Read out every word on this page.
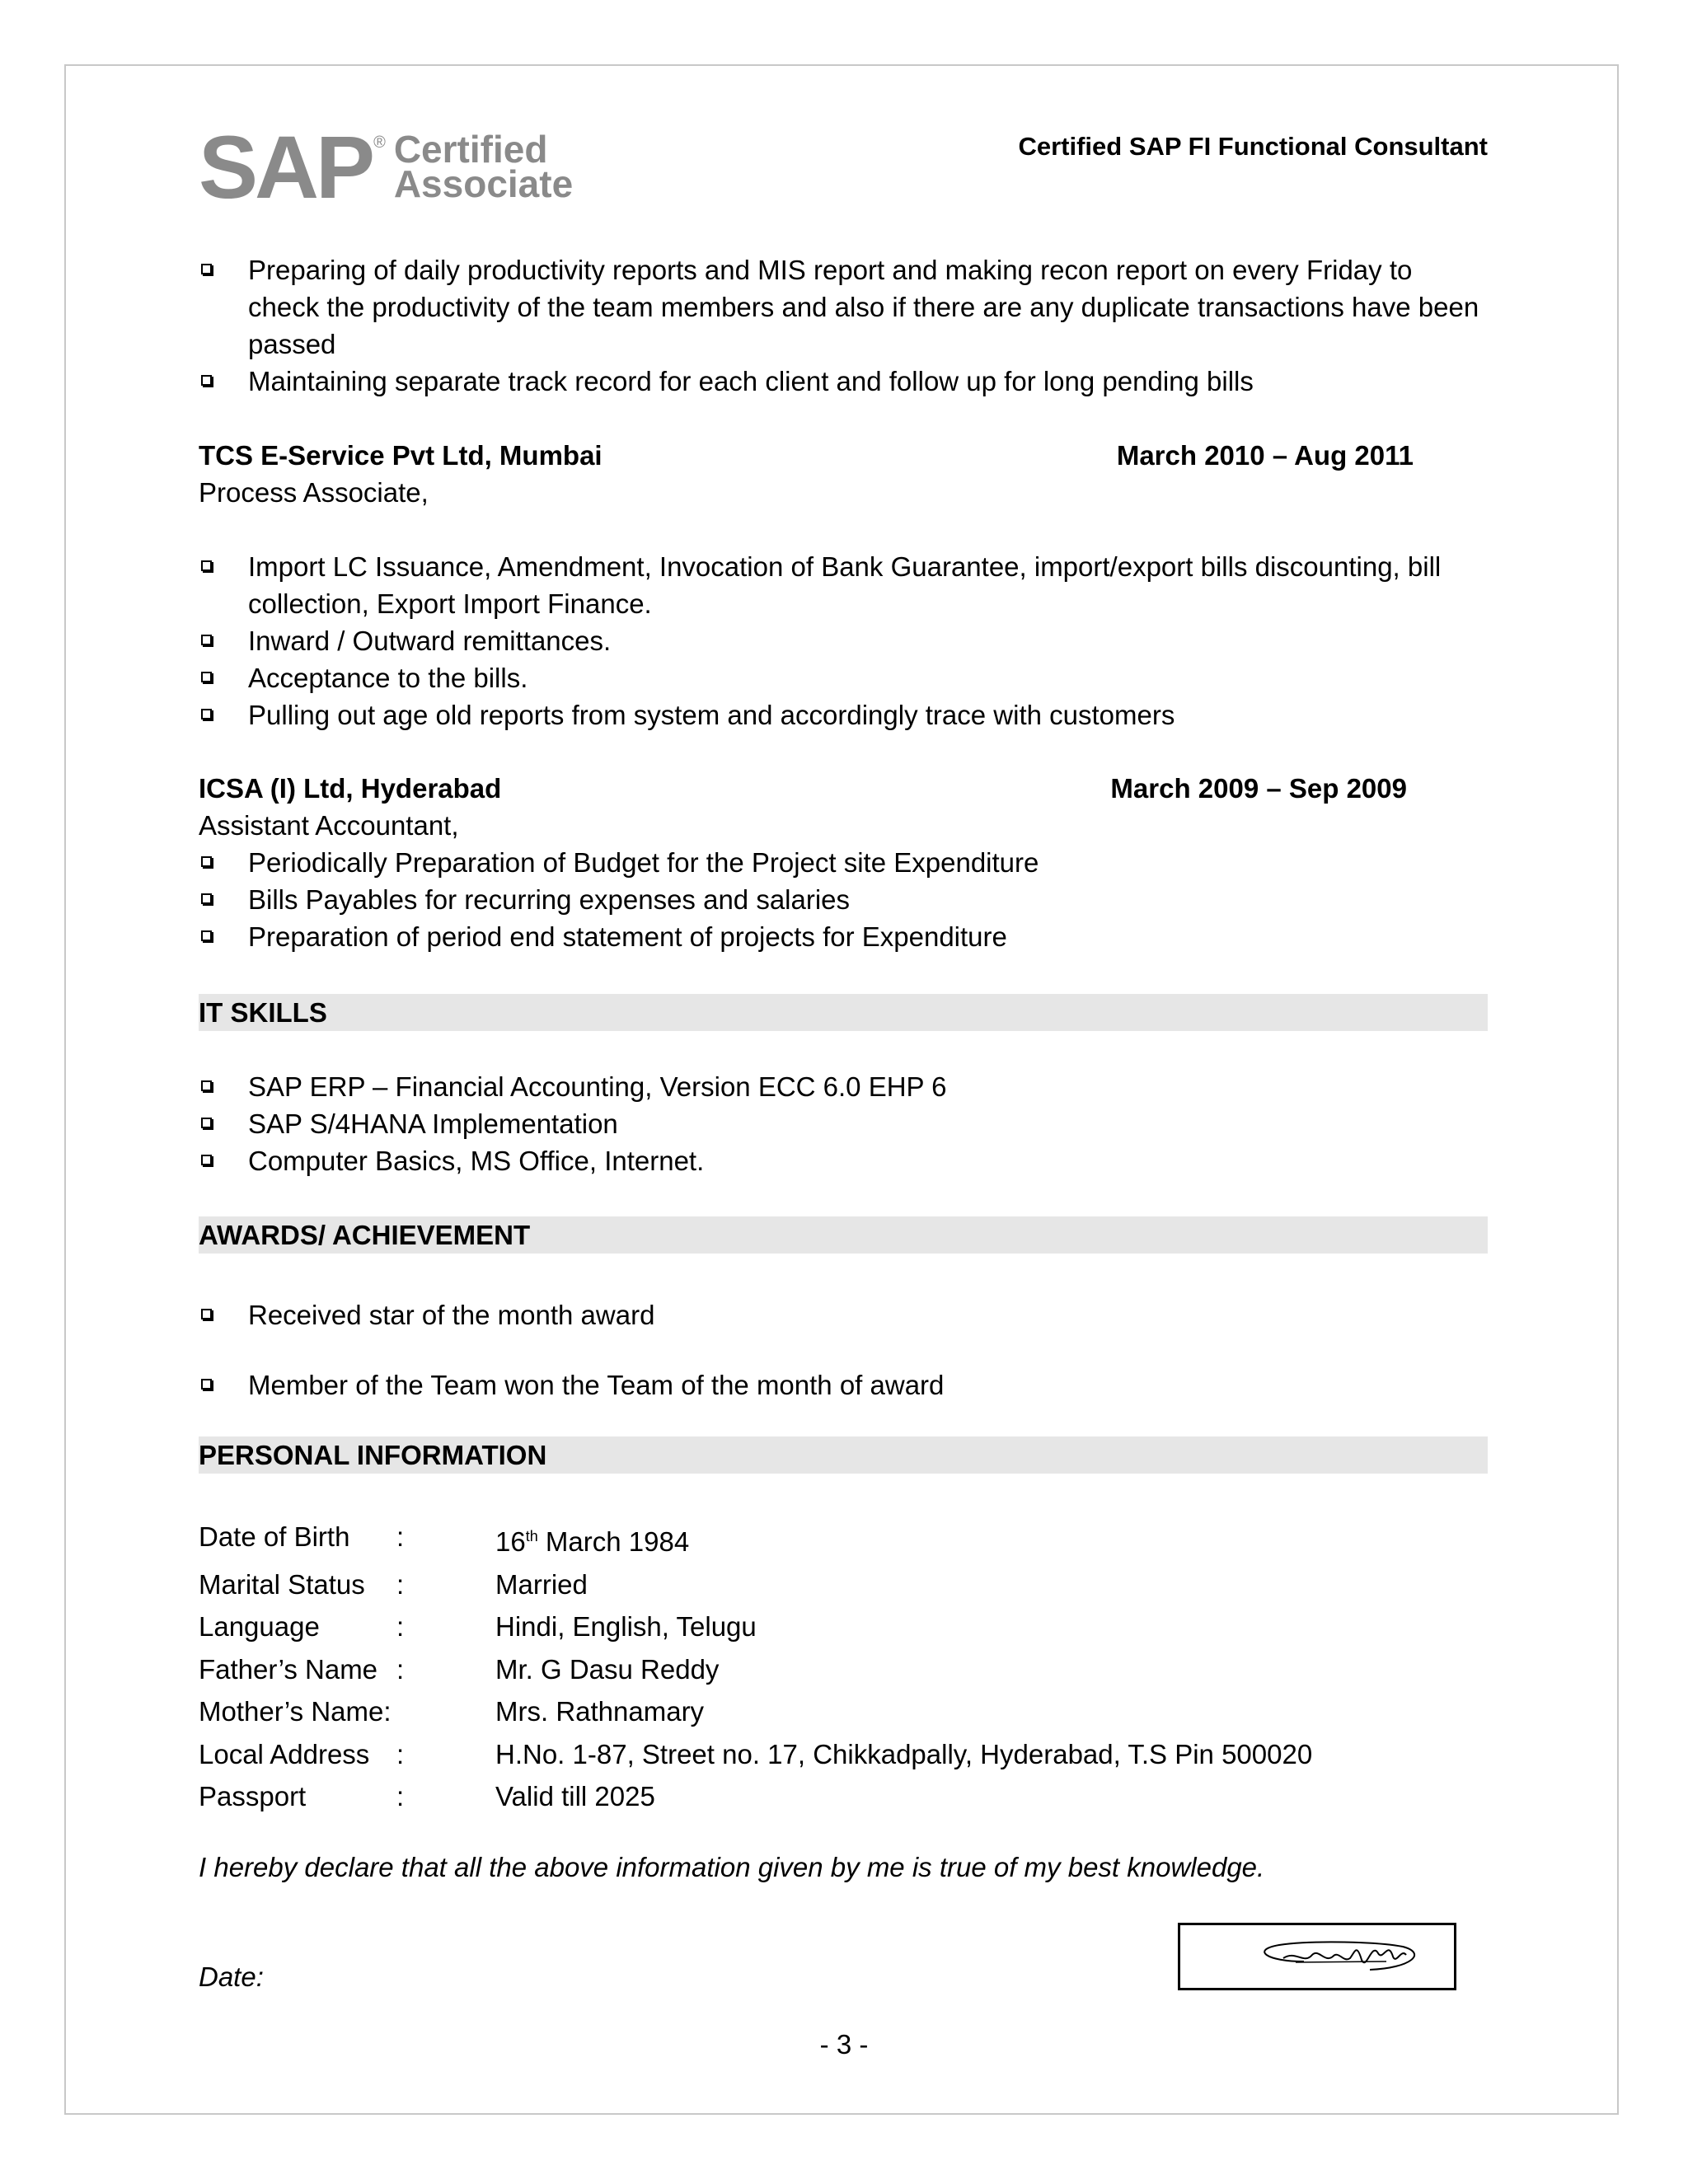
SAP ® Certified
Associate
Certified SAP FI Functional Consultant
Preparing of daily productivity reports and MIS report and making recon report on every Friday to check the productivity of the team members and also if there are any duplicate transactions have been passed
Maintaining separate track record for each client and follow up for long pending bills
TCS E-Service Pvt Ltd, Mumbai	March 2010 – Aug 2011
Process Associate,
Import LC Issuance, Amendment, Invocation of Bank Guarantee, import/export bills discounting, bill collection, Export Import Finance.
Inward / Outward remittances.
Acceptance to the bills.
Pulling out age old reports from system and accordingly trace with customers
ICSA (I) Ltd, Hyderabad	March 2009 – Sep 2009
Assistant Accountant,
Periodically Preparation of Budget for the Project site Expenditure
Bills Payables for recurring expenses and salaries
Preparation of period end statement of projects for Expenditure
IT SKILLS
SAP ERP – Financial Accounting, Version ECC 6.0 EHP 6
SAP S/4HANA Implementation
Computer Basics, MS Office, Internet.
AWARDS/ ACHIEVEMENT
Received star of the month award
Member of the Team won the Team of the month of award
PERSONAL INFORMATION
Date of Birth	:	16th March 1984
Marital Status	:	Married
Language	:	Hindi, English, Telugu
Father’s Name :	Mr. G Dasu Reddy
Mother’s Name:	Mrs. Rathnamary
Local Address :	H.No. 1-87, Street no. 17, Chikkadpally, Hyderabad, T.S Pin 500020
Passport	:	Valid till 2025
I hereby declare that all the above information given by me is true of my best knowledge.
Date:
- 3 -
